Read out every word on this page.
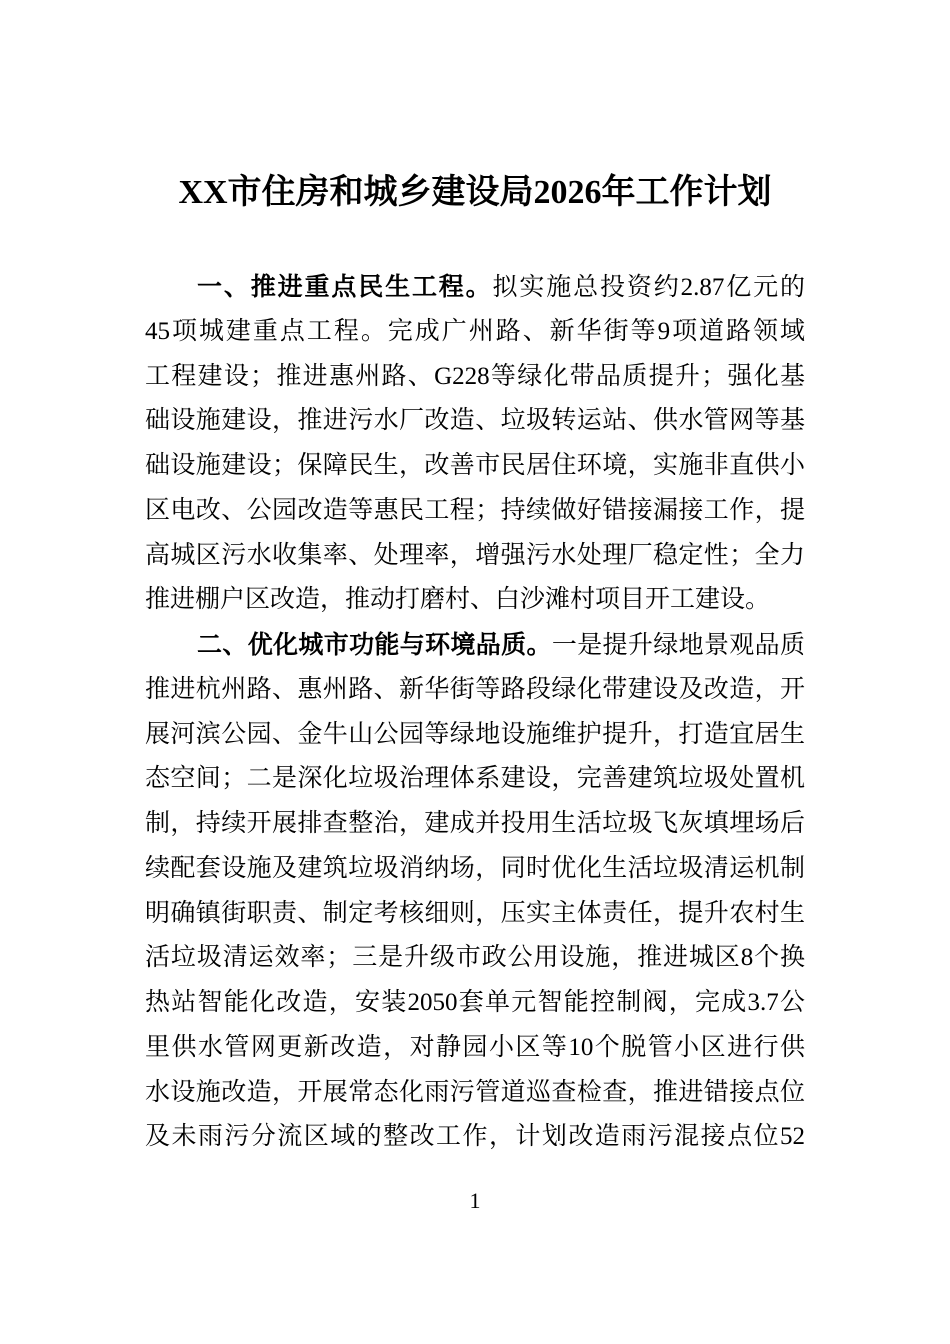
XX市住房和城乡建设局2026年工作计划
一、推进重点民生工程。拟实施总投资约2.87亿元的
45项城建重点工程。完成广州路、新华街等9项道路领域
工程建设；推进惠州路、G228等绿化带品质提升；强化基
础设施建设，推进污水厂改造、垃圾转运站、供水管网等基
础设施建设；保障民生，改善市民居住环境，实施非直供小
区电改、公园改造等惠民工程；持续做好错接漏接工作，提
高城区污水收集率、处理率，增强污水处理厂稳定性；全力
推进棚户区改造，推动打磨村、白沙滩村项目开工建设。
二、优化城市功能与环境品质。一是提升绿地景观品质
推进杭州路、惠州路、新华街等路段绿化带建设及改造，开
展河滨公园、金牛山公园等绿地设施维护提升，打造宜居生
态空间；二是深化垃圾治理体系建设，完善建筑垃圾处置机
制，持续开展排查整治，建成并投用生活垃圾飞灰填埋场后
续配套设施及建筑垃圾消纳场，同时优化生活垃圾清运机制
明确镇街职责、制定考核细则，压实主体责任，提升农村生
活垃圾清运效率；三是升级市政公用设施，推进城区8个换
热站智能化改造，安装2050套单元智能控制阀，完成3.7公
里供水管网更新改造，对静园小区等10个脱管小区进行供
水设施改造，开展常态化雨污管道巡查检查，推进错接点位
及未雨污分流区域的整改工作，计划改造雨污混接点位52
1
